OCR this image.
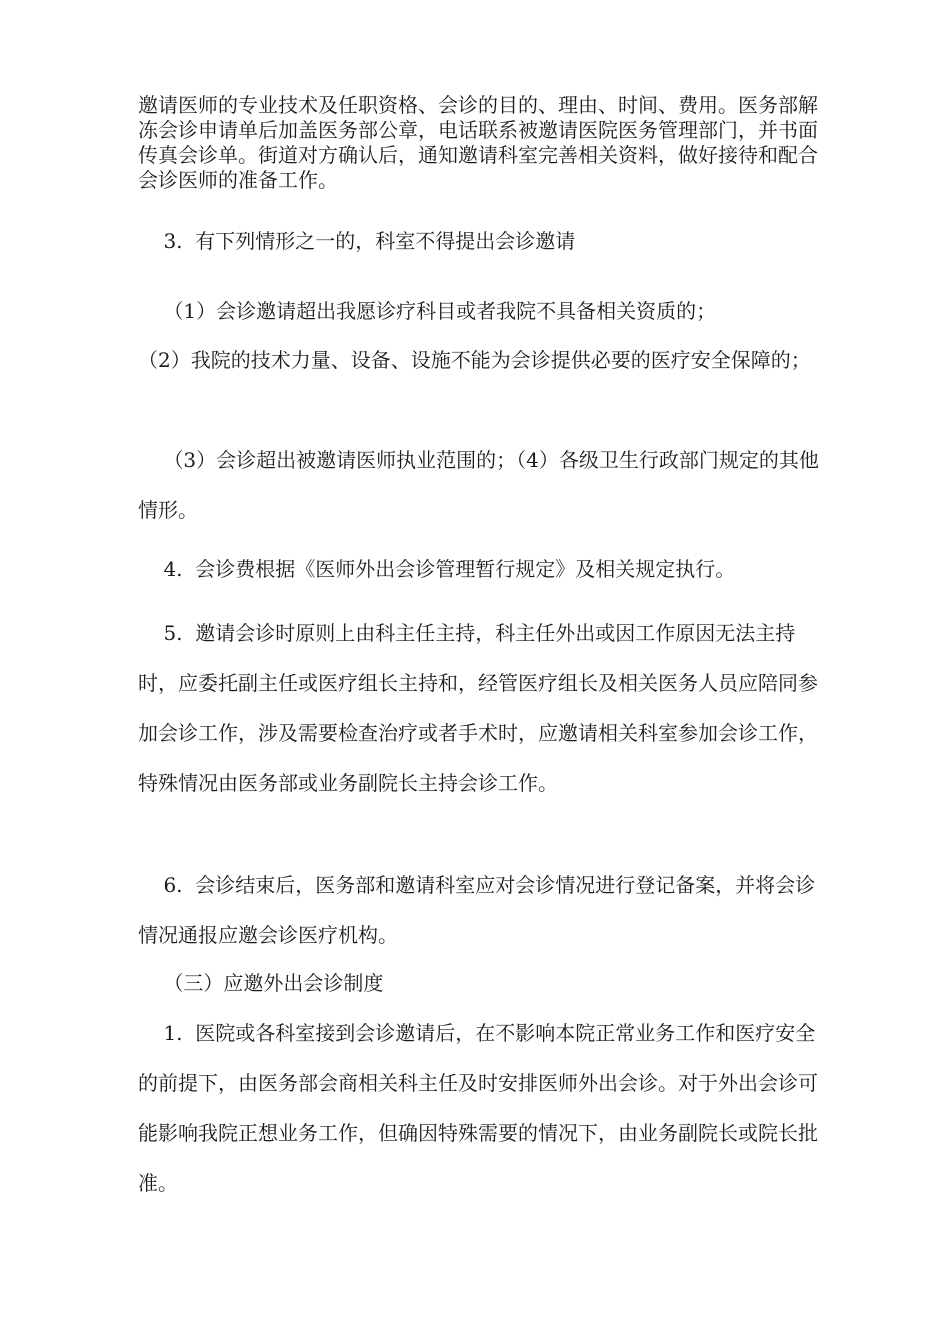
邀请医师的专业技术及任职资格、会诊的目的、理由、时间、费用。医务部解冻会诊申请单后加盖医务部公章，电话联系被邀请医院医务管理部门，并书面传真会诊单。街道对方确认后，通知邀请科室完善相关资料，做好接待和配合会诊医师的准备工作。

3.  有下列情形之一的，科室不得提出会诊邀请

（1）会诊邀请超出我愿诊疗科目或者我院不具备相关资质的；

（2）我院的技术力量、设备、设施不能为会诊提供必要的医疗安全保障的；

（3）会诊超出被邀请医师执业范围的；（4）各级卫生行政部门规定的其他情形。

4.  会诊费根据《医师外出会诊管理暂行规定》及相关规定执行。

5.  邀请会诊时原则上由科主任主持，科主任外出或因工作原因无法主持时，应委托副主任或医疗组长主持和，经管医疗组长及相关医务人员应陪同参加会诊工作，涉及需要检查治疗或者手术时，应邀请相关科室参加会诊工作，特殊情况由医务部或业务副院长主持会诊工作。

6.  会诊结束后，医务部和邀请科室应对会诊情况进行登记备案，并将会诊情况通报应邀会诊医疗机构。

（三）应邀外出会诊制度

1.  医院或各科室接到会诊邀请后，在不影响本院正常业务工作和医疗安全的前提下，由医务部会商相关科主任及时安排医师外出会诊。对于外出会诊可能影响我院正想业务工作，但确因特殊需要的情况下，由业务副院长或院长批准。
